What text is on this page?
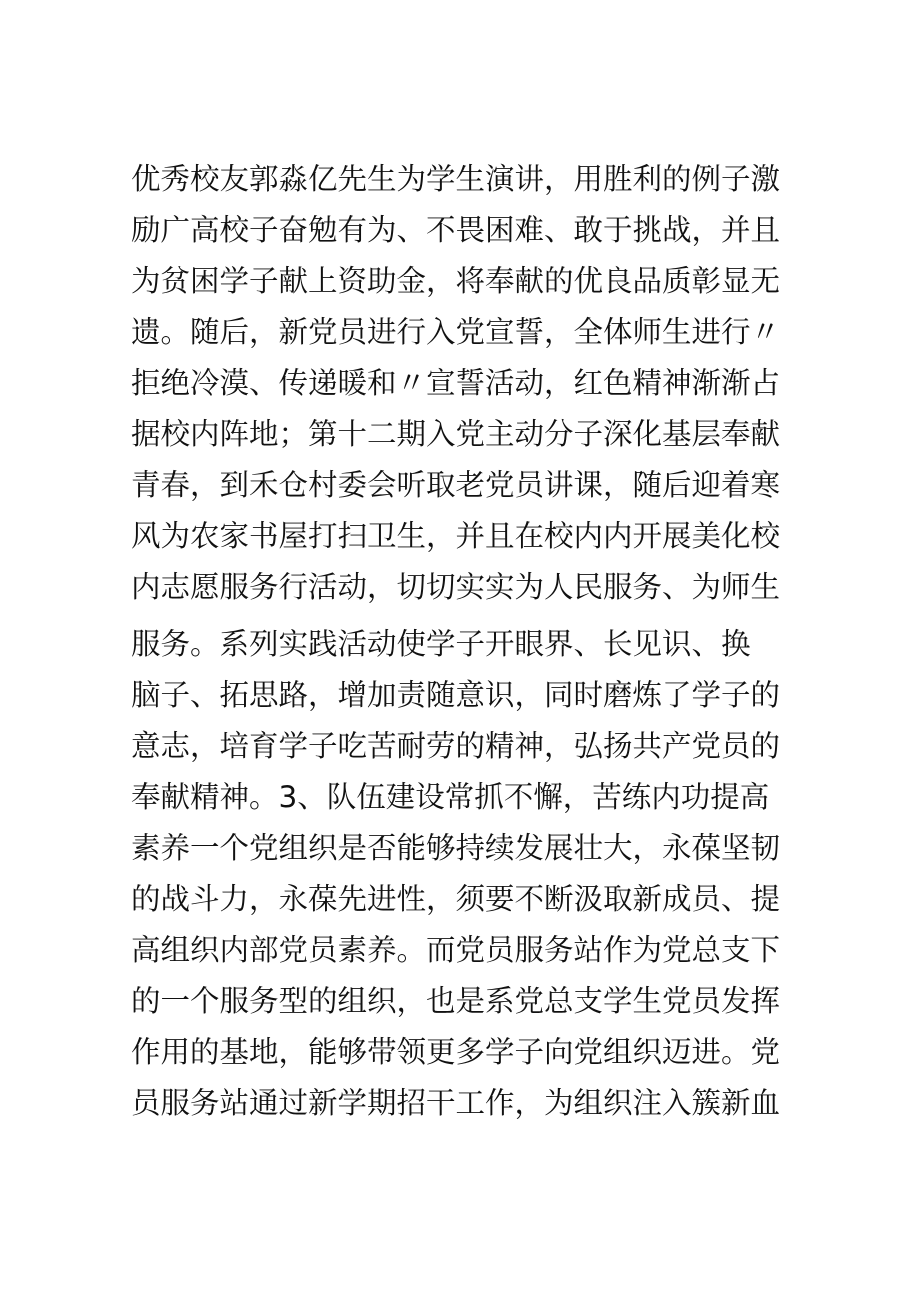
优秀校友郭淼亿先生为学生演讲，用胜利的例子激
励广高校子奋勉有为、不畏困难、敢于挑战，并且
为贫困学子献上资助金，将奉献的优良品质彰显无
遗。随后，新党员进行入党宣誓，全体师生进行〃
拒绝冷漠、传递暖和〃宣誓活动，红色精神渐渐占
据校内阵地；第十二期入党主动分子深化基层奉献
青春，到禾仓村委会听取老党员讲课，随后迎着寒
风为农家书屋打扫卫生，并且在校内内开展美化校
内志愿服务行活动，切切实实为人民服务、为师生
服务。系列实践活动使学子开眼界、长见识、换
脑子、拓思路，增加责随意识，同时磨炼了学子的
意志，培育学子吃苦耐劳的精神，弘扬共产党员的
奉献精神。3、队伍建设常抓不懈，苦练内功提高
素养一个党组织是否能够持续发展壮大，永葆坚韧
的战斗力，永葆先进性，须要不断汲取新成员、提
高组织内部党员素养。而党员服务站作为党总支下
的一个服务型的组织，也是系党总支学生党员发挥
作用的基地，能够带领更多学子向党组织迈进。党
员服务站通过新学期招干工作，为组织注入簇新血
